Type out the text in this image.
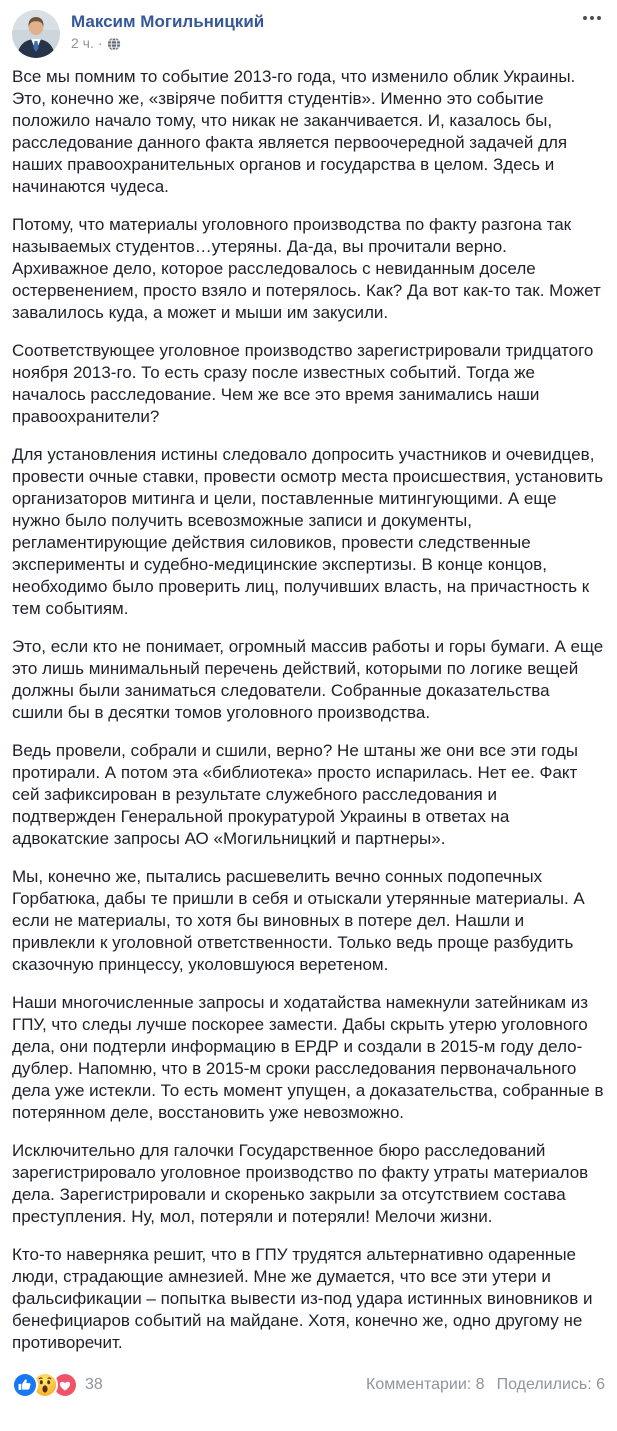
Максим Могильницкий
2 ч. ·

Все мы помним то событие 2013-го года, что изменило облик Украины. Это, конечно же, «звіряче побиття студентів». Именно это событие положило начало тому, что никак не заканчивается. И, казалось бы, расследование данного факта является первоочередной задачей для наших правоохранительных органов и государства в целом. Здесь и начинаются чудеса.

Потому, что материалы уголовного производства по факту разгона так называемых студентов…утеряны. Да-да, вы прочитали верно. Архиважное дело, которое расследовалось с невиданным доселе остервенением, просто взяло и потерялось. Как? Да вот как-то так. Может завалилось куда, а может и мыши им закусили.

Соответствующее уголовное производство зарегистрировали тридцатого ноября 2013-го. То есть сразу после известных событий. Тогда же началось расследование. Чем же все это время занимались наши правоохранители?

Для установления истины следовало допросить участников и очевидцев, провести очные ставки, провести осмотр места происшествия, установить организаторов митинга и цели, поставленные митингующими. А еще нужно было получить всевозможные записи и документы, регламентирующие действия силовиков, провести следственные эксперименты и судебно-медицинские экспертизы. В конце концов, необходимо было проверить лиц, получивших власть, на причастность к тем событиям.

Это, если кто не понимает, огромный массив работы и горы бумаги. А еще это лишь минимальный перечень действий, которыми по логике вещей должны были заниматься следователи. Собранные доказательства сшили бы в десятки томов уголовного производства.

Ведь провели, собрали и сшили, верно? Не штаны же они все эти годы протирали. А потом эта «библиотека» просто испарилась. Нет ее. Факт сей зафиксирован в результате служебного расследования и подтвержден Генеральной прокуратурой Украины в ответах на адвокатские запросы АО «Могильницкий и партнеры».

Мы, конечно же, пытались расшевелить вечно сонных подопечных Горбатюка, дабы те пришли в себя и отыскали утерянные материалы. А если не материалы, то хотя бы виновных в потере дел. Нашли и привлекли к уголовной ответственности. Только ведь проще разбудить сказочную принцессу, уколовшуюся веретеном.

Наши многочисленные запросы и ходатайства намекнули затейникам из ГПУ, что следы лучше поскорее замести. Дабы скрыть утерю уголовного дела, они подтерли информацию в ЕРДР и создали в 2015-м году дело-дублер. Напомню, что в 2015-м сроки расследования первоначального дела уже истекли. То есть момент упущен, а доказательства, собранные в потерянном деле, восстановить уже невозможно.

Исключительно для галочки Государственное бюро расследований зарегистрировало уголовное производство по факту утраты материалов дела. Зарегистрировали и скоренько закрыли за отсутствием состава преступления. Ну, мол, потеряли и потеряли! Мелочи жизни.

Кто-то наверняка решит, что в ГПУ трудятся альтернативно одаренные люди, страдающие амнезией. Мне же думается, что все эти утери и фальсификации – попытка вывести из-под удара истинных виновников и бенефициаров событий на майдане. Хотя, конечно же, одно другому не противоречит.

38	Комментарии: 8 Поделились: 6
